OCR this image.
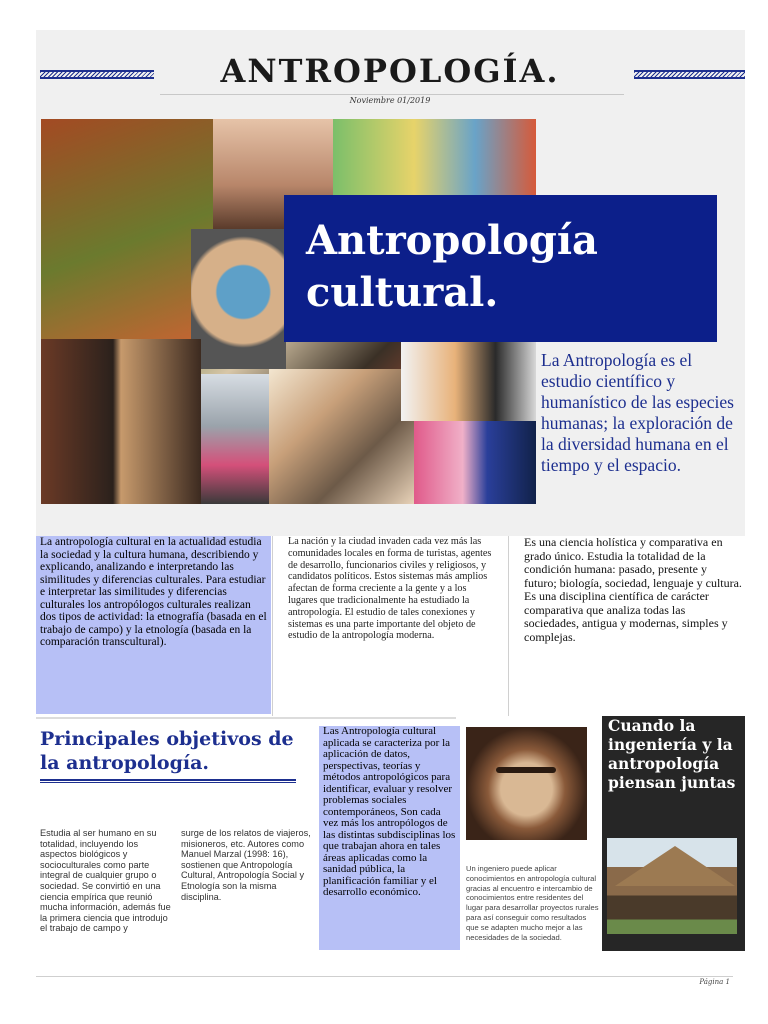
ANTROPOLOGÍA.
Noviembre 01/2019
Antropología
cultural.
La Antropología es el estudio científico y humanístico de las especies humanas; la exploración de la diversidad humana en el tiempo y el espacio.
La antropología cultural en la actualidad estudia la sociedad y la cultura humana, describiendo y explicando, analizando e interpretando las similitudes y diferencias culturales. Para estudiar e interpretar las similitudes y diferencias culturales los antropólogos culturales realizan dos tipos de actividad: la etnografía (basada en el trabajo de campo) y la etnología (basada en la comparación transcultural).
La nación y la ciudad invaden cada vez más las comunidades locales en forma de turistas, agentes de desarrollo, funcionarios civiles y religiosos, y candidatos políticos. Estos sistemas más amplios afectan de forma creciente a la gente y a los lugares que tradicionalmente ha estudiado la antropología. El estudio de tales conexiones y sistemas es una parte importante del objeto de estudio de la antropología moderna.
Es una ciencia holística y comparativa en grado único. Estudia la totalidad de la condición humana: pasado, presente y futuro; biología, sociedad, lenguaje y cultura. Es una disciplina científica de carácter comparativa que analiza todas las sociedades, antigua y modernas, simples y complejas.
Principales objetivos de la antropología.
Estudia al ser humano en su totalidad, incluyendo los aspectos biológicos y socioculturales como parte integral de cualquier grupo o sociedad. Se convirtió en una ciencia empírica que reunió mucha información, además fue la primera ciencia que introdujo el trabajo de campo y
surge de los relatos de viajeros, misioneros, etc. Autores como Manuel Marzal (1998: 16), sostienen que Antropología Cultural, Antropología Social y Etnología son la misma disciplina.
Las Antropología cultural aplicada se caracteriza por la aplicación de datos, perspectivas, teorías y métodos antropológicos para identificar, evaluar y resolver problemas sociales contemporáneos, Son cada vez más los antropólogos de las distintas subdisciplinas los que trabajan ahora en tales áreas aplicadas como la sanidad pública, la planificación familiar y el desarrollo económico.
Un ingeniero puede aplicar conocimientos en antropología cultural gracias al encuentro e intercambio de conocimientos entre residentes del lugar para desarrollar proyectos rurales para así conseguir como resultados que se adapten mucho mejor a las necesidades de la sociedad.
Cuando la ingeniería y la antropología piensan juntas
Página 1
